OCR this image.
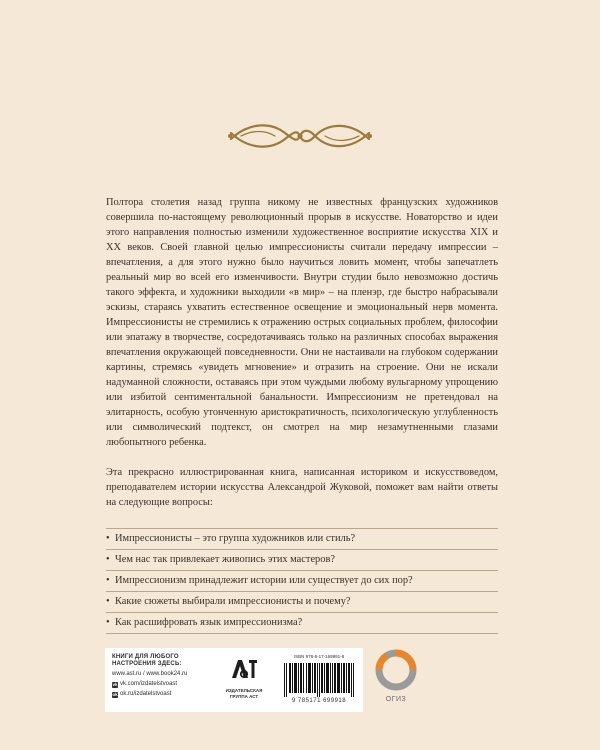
Полтора столетия назад группа никому не известных французских художников совершила по-настоящему революционный прорыв в искусстве. Новаторство и идеи этого направления полностью изменили художественное восприятие искусства XIX и XX веков. Своей главной целью импрессионисты считали передачу импрессии – впечатления, а для этого нужно было научиться ловить момент, чтобы запечатлеть реальный мир во всей его изменчивости. Внутри студии было невозможно достичь такого эффекта, и художники выходили «в мир» – на пленэр, где быстро набрасывали эскизы, стараясь ухватить естественное освещение и эмоциональный нерв момента. Импрессионисты не стремились к отражению острых социальных проблем, философии или эпатажу в творчестве, сосредотачиваясь только на различных способах выражения впечатления окружающей повседневности. Они не настаивали на глубоком содержании картины, стремясь «увидеть мгновение» и отразить на строение. Они не искали надуманной сложности, оставаясь при этом чуждыми любому вульгарному упрощению или избитой сентиментальной банальности. Импрессионизм не претендовал на элитарность, особую утонченную аристократичность, психологическую углубленность или символический подтекст, он смотрел на мир незамутненными глазами любопытного ребенка.

Эта прекрасно иллюстрированная книга, написанная историком и искусствоведом, преподавателем истории искусства Александрой Жуковой, поможет вам найти ответы на следующие вопросы:

• Импрессионисты – это группа художников или стиль?
• Чем нас так привлекает живопись этих мастеров?
• Импрессионизм принадлежит истории или существует до сих пор?
• Какие сюжеты выбирали импрессионисты и почему?
• Как расшифровать язык импрессионизма?
КНИГИ ДЛЯ ЛЮБОГО
НАСТРОЕНИЯ ЗДЕСЬ:
www.ast.ru / www.book24.ru
vk vk.com/izdatelstvoast
ok ok.ru/izdatelstvoast
ИЗДАТЕЛЬСКАЯ
ГРУППА АСТ
ISBN 978-5-17-169991-8
9 785171 699918	ОГИЗ
